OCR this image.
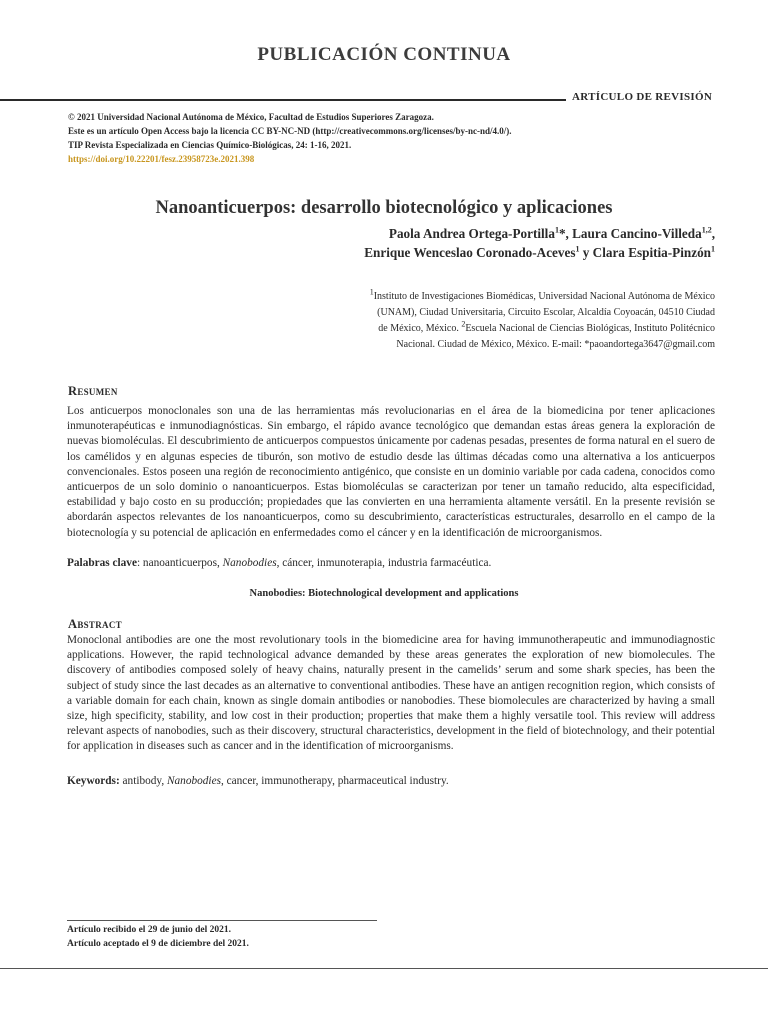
PUBLICACIÓN CONTINUA
ARTÍCULO DE REVISIÓN
© 2021 Universidad Nacional Autónoma de México, Facultad de Estudios Superiores Zaragoza.
Este es un artículo Open Access bajo la licencia CC BY-NC-ND (http://creativecommons.org/licenses/by-nc-nd/4.0/).
TIP Revista Especializada en Ciencias Químico-Biológicas, 24: 1-16, 2021.
https://doi.org/10.22201/fesz.23958723e.2021.398
Nanoanticuerpos: desarrollo biotecnológico y aplicaciones
Paola Andrea Ortega-Portilla$^1$*, Laura Cancino-Villeda$^{1,2}$,
Enrique Wenceslao Coronado-Aceves$^1$ y Clara Espitia-Pinzón$^1$
$^1$Instituto de Investigaciones Biomédicas, Universidad Nacional Autónoma de México
(UNAM), Ciudad Universitaria, Circuito Escolar, Alcaldía Coyoacán, 04510 Ciudad
de México, México. $^2$Escuela Nacional de Ciencias Biológicas, Instituto Politécnico
Nacional. Ciudad de México, México. E-mail: *paoandortega3647@gmail.com
Resumen
Los anticuerpos monoclonales son una de las herramientas más revolucionarias en el área de la biomedicina por tener aplicaciones inmunoterapéuticas e inmunodiagnósticas. Sin embargo, el rápido avance tecnológico que demandan estas áreas genera la exploración de nuevas biomoléculas. El descubrimiento de anticuerpos compuestos únicamente por cadenas pesadas, presentes de forma natural en el suero de los camélidos y en algunas especies de tiburón, son motivo de estudio desde las últimas décadas como una alternativa a los anticuerpos convencionales. Estos poseen una región de reconocimiento antigénico, que consiste en un dominio variable por cada cadena, conocidos como anticuerpos de un solo dominio o nanoanticuerpos. Estas biomoléculas se caracterizan por tener un tamaño reducido, alta especificidad, estabilidad y bajo costo en su producción; propiedades que las convierten en una herramienta altamente versátil. En la presente revisión se abordarán aspectos relevantes de los nanoanticuerpos, como su descubrimiento, características estructurales, desarrollo en el campo de la biotecnología y su potencial de aplicación en enfermedades como el cáncer y en la identificación de microorganismos.
Palabras clave: nanoanticuerpos, Nanobodies, cáncer, inmunoterapia, industria farmacéutica.
Nanobodies: Biotechnological development and applications
Abstract
Monoclonal antibodies are one the most revolutionary tools in the biomedicine area for having immunotherapeutic and immunodiagnostic applications. However, the rapid technological advance demanded by these areas generates the exploration of new biomolecules. The discovery of antibodies composed solely of heavy chains, naturally present in the camelids’ serum and some shark species, has been the subject of study since the last decades as an alternative to conventional antibodies. These have an antigen recognition region, which consists of a variable domain for each chain, known as single domain antibodies or nanobodies. These biomolecules are characterized by having a small size, high specificity, stability, and low cost in their production; properties that make them a highly versatile tool. This review will address relevant aspects of nanobodies, such as their discovery, structural characteristics, development in the field of biotechnology, and their potential for application in diseases such as cancer and in the identification of microorganisms.
Keywords: antibody, Nanobodies, cancer, immunotherapy, pharmaceutical industry.
Artículo recibido el 29 de junio del 2021.
Artículo aceptado el 9 de diciembre del 2021.
